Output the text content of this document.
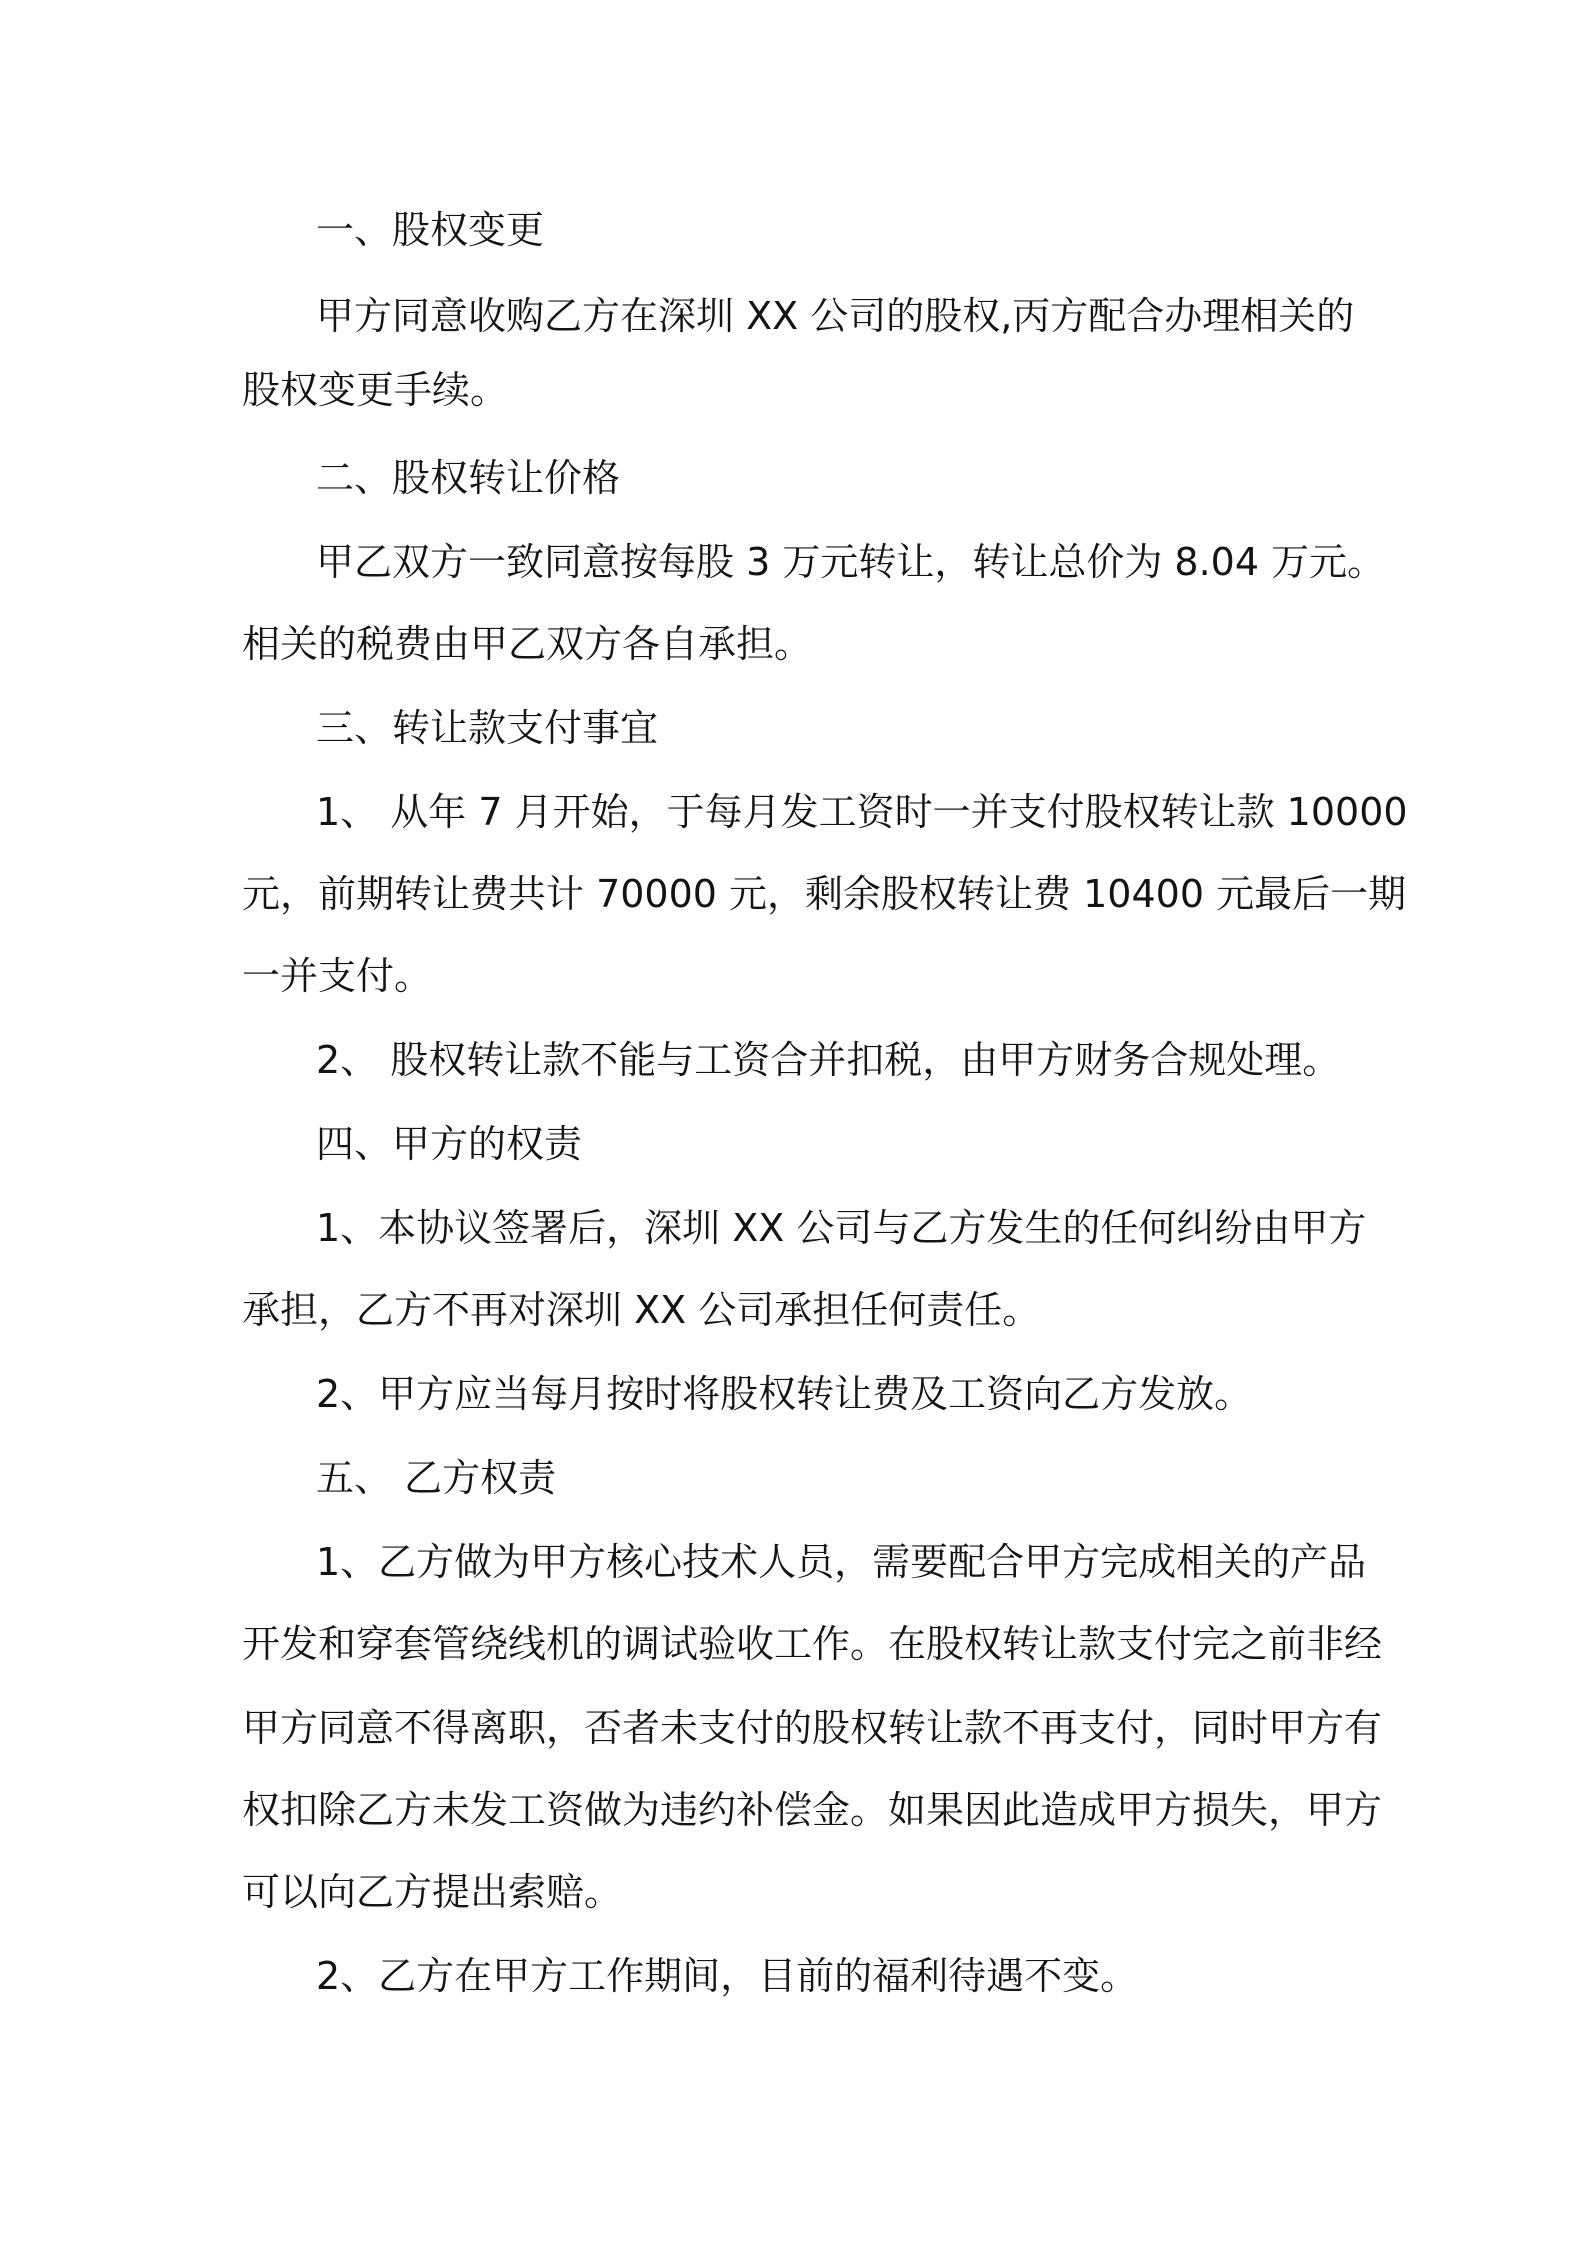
一、股权变更
甲方同意收购乙方在深圳 XX 公司的股权,丙方配合办理相关的
股权变更手续。
二、股权转让价格
甲乙双方一致同意按每股 3 万元转让，转让总价为 8.04 万元。
相关的税费由甲乙双方各自承担。
三、转让款支付事宜
1、 从年 7 月开始，于每月发工资时一并支付股权转让款 10000
元，前期转让费共计 70000 元，剩余股权转让费 10400 元最后一期
一并支付。
2、 股权转让款不能与工资合并扣税，由甲方财务合规处理。
四、甲方的权责
1、本协议签署后，深圳 XX 公司与乙方发生的任何纠纷由甲方
承担，乙方不再对深圳 XX 公司承担任何责任。
2、甲方应当每月按时将股权转让费及工资向乙方发放。
五、 乙方权责
1、乙方做为甲方核心技术人员，需要配合甲方完成相关的产品
开发和穿套管绕线机的调试验收工作。在股权转让款支付完之前非经
甲方同意不得离职，否者未支付的股权转让款不再支付，同时甲方有
权扣除乙方未发工资做为违约补偿金。如果因此造成甲方损失，甲方
可以向乙方提出索赔。
2、乙方在甲方工作期间，目前的福利待遇不变。
